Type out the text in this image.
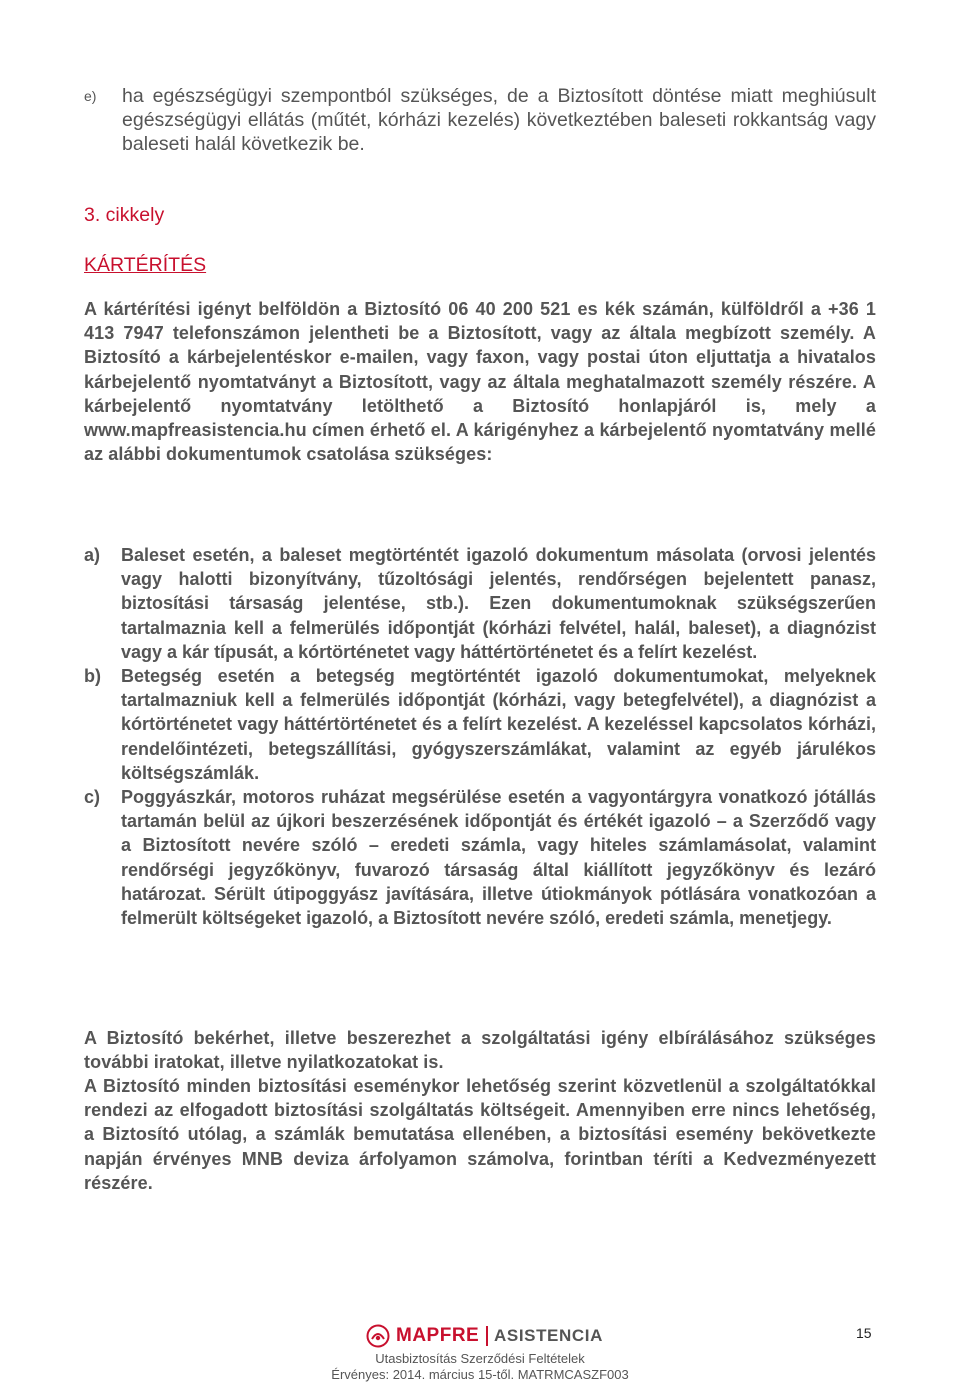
e) ha egészségügyi szempontból szükséges, de a Biztosított döntése miatt meghiúsult egészségügyi ellátás (műtét, kórházi kezelés) következtében baleseti rokkantság vagy baleseti halál következik be.
3. cikkely
KÁRTÉRÍTÉS
A kártérítési igényt belföldön a Biztosító 06 40 200 521 es kék számán, külföldről a +36 1 413 7947 telefonszámon jelentheti be a Biztosított, vagy az általa megbízott személy. A Biztosító a kárbejelentéskor e-mailen, vagy faxon, vagy postai úton eljuttatja a hivatalos kárbejelentő nyomtatványt a Biztosított, vagy az általa meghatalmazott személy részére. A kárbejelentő nyomtatvány letölthető a Biztosító honlapjáról is, mely a www.mapfreasistencia.hu címen érhető el. A kárigényhez a kárbejelentő nyomtatvány mellé az alábbi dokumentumok csatolása szükséges:
a) Baleset esetén, a baleset megtörténtét igazoló dokumentum másolata (orvosi jelentés vagy halotti bizonyítvány, tűzoltósági jelentés, rendőrségen bejelentett panasz, biztosítási társaság jelentése, stb.). Ezen dokumentumoknak szükségszerűen tartalmaznia kell a felmerülés időpontját (kórházi felvétel, halál, baleset), a diagnózist vagy a kár típusát, a kórtörténetet vagy háttértörténetet és a felírt kezelést.
b) Betegség esetén a betegség megtörténtét igazoló dokumentumokat, melyeknek tartalmazniuk kell a felmerülés időpontját (kórházi, vagy betegfelvétel), a diagnózist a kórtörténetet vagy háttértörténetet és a felírt kezelést. A kezeléssel kapcsolatos kórházi, rendelőintézeti, betegszállítási, gyógyszerszámlákat, valamint az egyéb járulékos költségszámlák.
c) Poggyászkár, motoros ruházat megsérülése esetén a vagyontárgyra vonatkozó jótállás tartamán belül az újkori beszerzésének időpontját és értékét igazoló – a Szerződő vagy a Biztosított nevére szóló – eredeti számla, vagy hiteles számlamásolat, valamint rendőrségi jegyzőkönyv, fuvarozó társaság által kiállított jegyzőkönyv és lezáró határozat. Sérült útipoggyász javítására, illetve útiokmányok pótlására vonatkozóan a felmerült költségeket igazoló, a Biztosított nevére szóló, eredeti számla, menetjegy.
A Biztosító bekérhet, illetve beszerezhet a szolgáltatási igény elbírálásához szükséges további iratokat, illetve nyilatkozatokat is.
A Biztosító minden biztosítási eseménykor lehetőség szerint közvetlenül a szolgáltatókkal rendezi az elfogadott biztosítási szolgáltatás költségeit. Amennyiben erre nincs lehetőség, a Biztosító utólag, a számlák bemutatása ellenében, a biztosítási esemény bekövetkezte napján érvényes MNB deviza árfolyamon számolva, forintban téríti a Kedvezményezett részére.
MAPFRE ASISTENCIA
Utasbiztosítás Szerződési Feltételek
Érvényes: 2014. március 15-től. MATRMCASZF003
15
